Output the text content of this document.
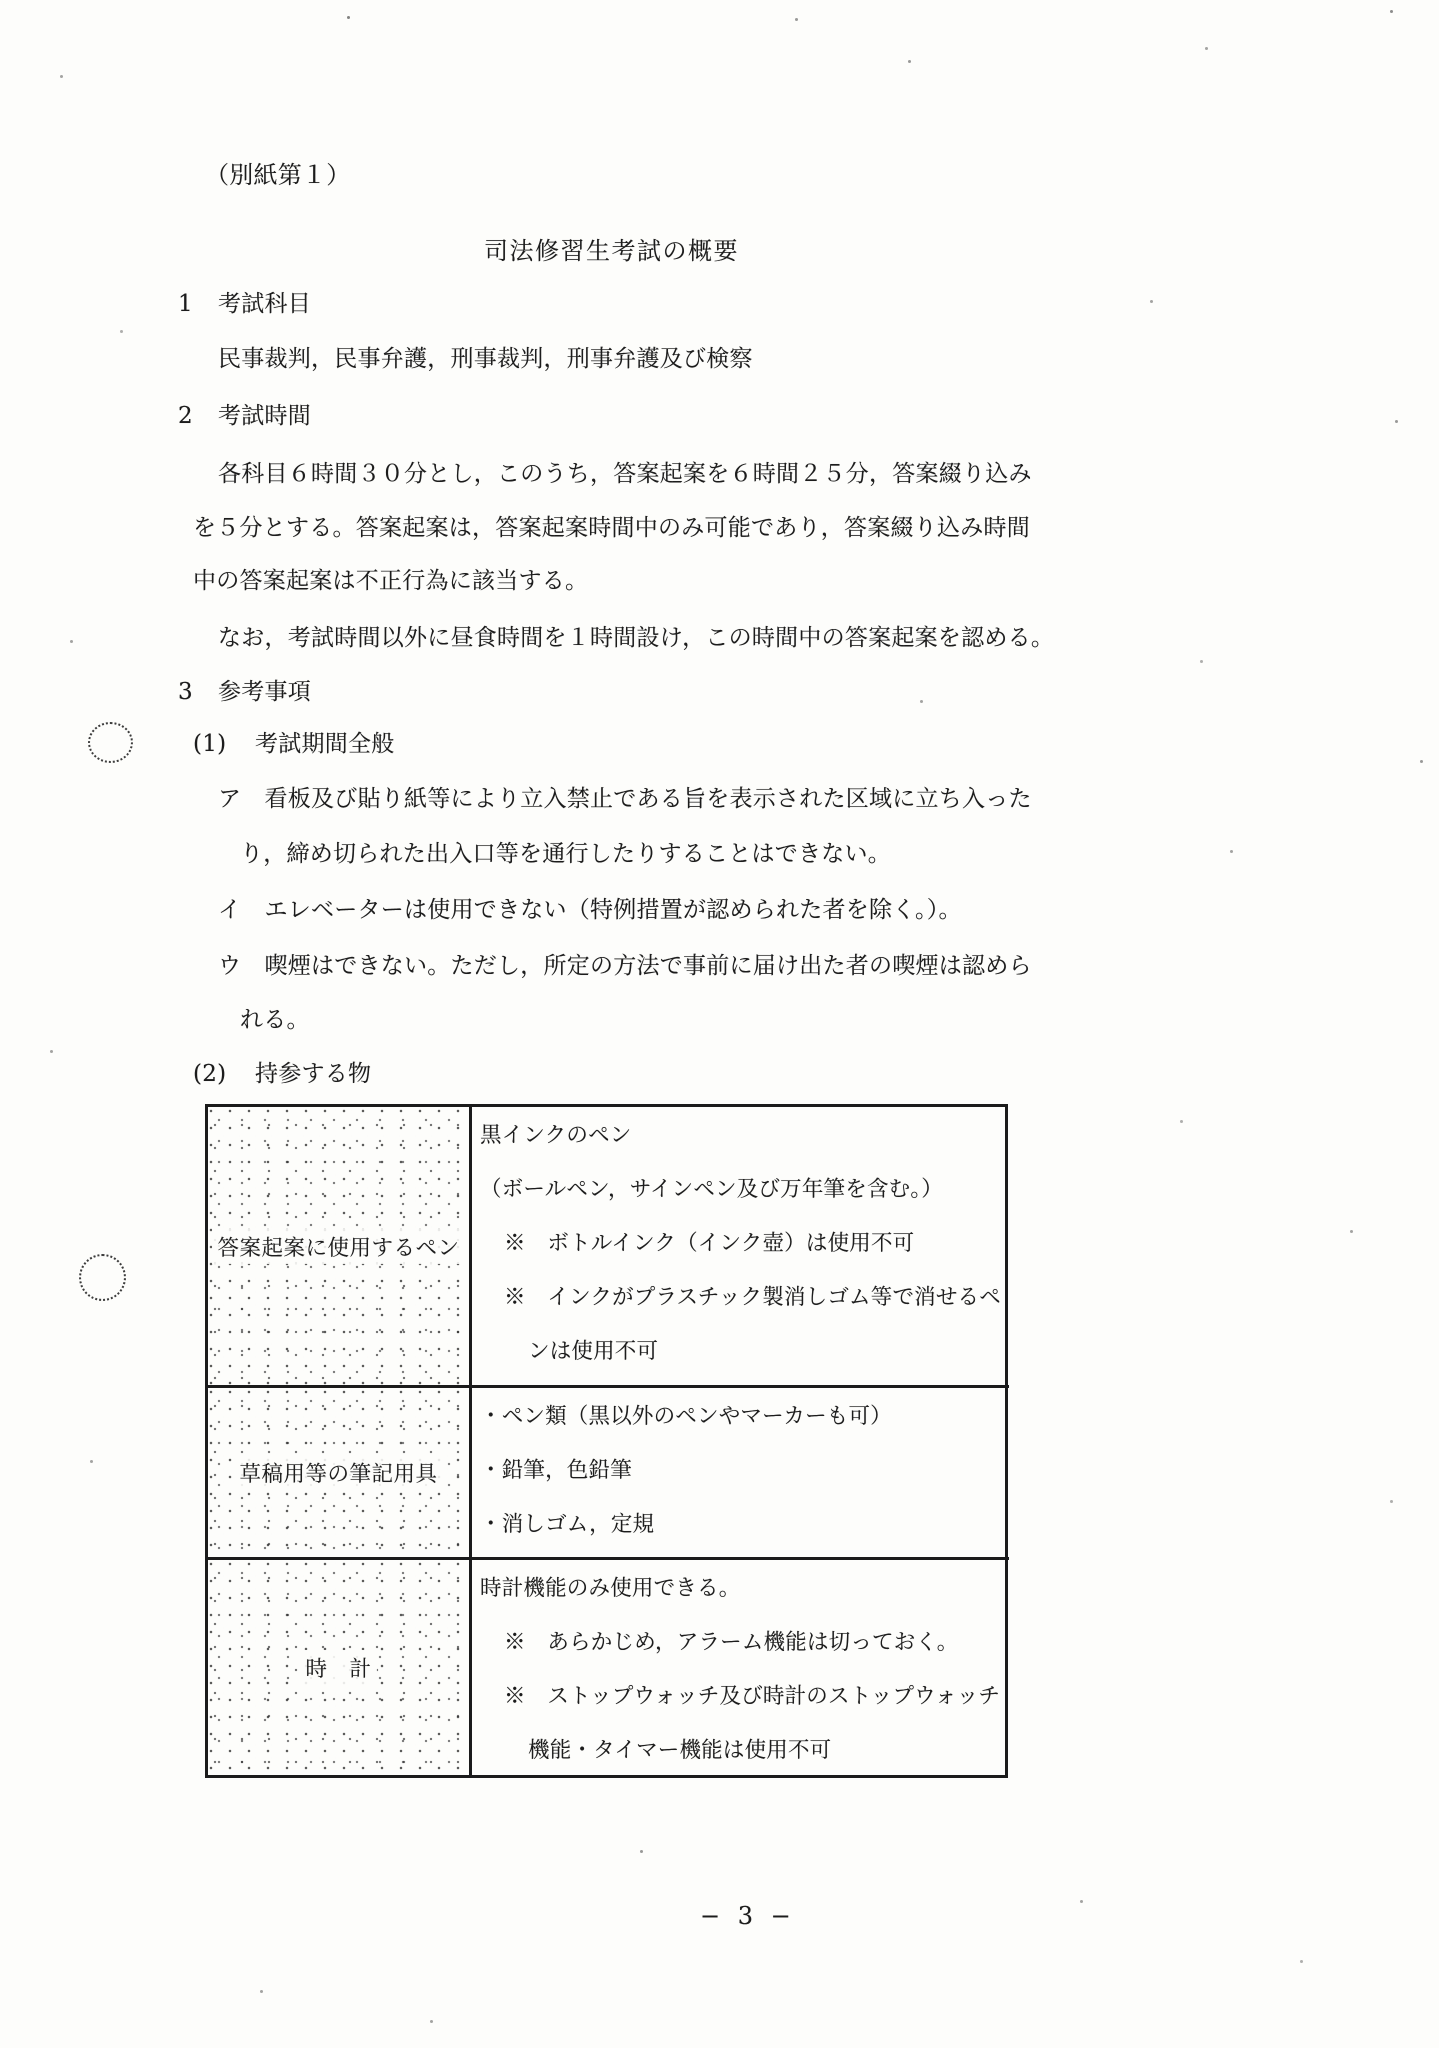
（別紙第１）
司法修習生考試の概要
1 考試科目
民事裁判，民事弁護，刑事裁判，刑事弁護及び検察
2 考試時間
各科目６時間３０分とし，このうち，答案起案を６時間２５分，答案綴り込み
を５分とする。答案起案は，答案起案時間中のみ可能であり，答案綴り込み時間
中の答案起案は不正行為に該当する。
なお，考試時間以外に昼食時間を１時間設け，この時間中の答案起案を認める。
3 参考事項
(1) 考試期間全般
ア　看板及び貼り紙等により立入禁止である旨を表示された区域に立ち入った
り，締め切られた出入口等を通行したりすることはできない。
イ　エレベーターは使用できない（特例措置が認められた者を除く。）。
ウ　喫煙はできない。ただし，所定の方法で事前に届け出た者の喫煙は認めら
れる。
(2) 持参する物
答案起案に使用するペン
黒インクのペン
（ボールペン，サインペン及び万年筆を含む。）
※　ボトルインク（インク壺）は使用不可
※　インクがプラスチック製消しゴム等で消せるペ
ンは使用不可
草稿用等の筆記用具
・ペン類（黒以外のペンやマーカーも可）
・鉛筆，色鉛筆
・消しゴム，定規
時　計
時計機能のみ使用できる。
※　あらかじめ，アラーム機能は切っておく。
※　ストップウォッチ及び時計のストップウォッチ
機能・タイマー機能は使用不可
− 3 −
